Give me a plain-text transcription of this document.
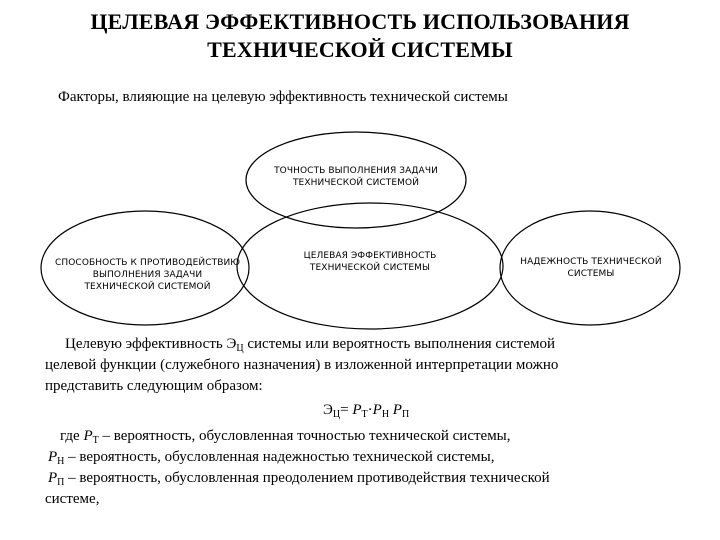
ЦЕЛЕВАЯ ЭФФЕКТИВНОСТЬ ИСПОЛЬЗОВАНИЯ
ТЕХНИЧЕСКОЙ СИСТЕМЫ
Факторы, влияющие на целевую эффективность технической системы
ТОЧНОСТЬ ВЫПОЛНЕНИЯ ЗАДАЧИ
ТЕХНИЧЕСКОЙ СИСТЕМОЙ
ЦЕЛЕВАЯ ЭФФЕКТИВНОСТЬ
ТЕХНИЧЕСКОЙ СИСТЕМЫ
СПОСОБНОСТЬ К ПРОТИВОДЕЙСТВИЮ
ВЫПОЛНЕНИЯ ЗАДАЧИ
ТЕХНИЧЕСКОЙ СИСТЕМОЙ
НАДЕЖНОСТЬ ТЕХНИЧЕСКОЙ
СИСТЕМЫ
Целевую эффективность $Э_Ц$ системы или вероятность выполнения системой
целевой функции (служебного назначения) в изложенной интерпретации можно
представить следующим образом:
$Э_Ц= P_Т\cdot P_Н$ $P_П$
где $P_Т$ – вероятность, обусловленная точностью технической системы,
$P_Н$ – вероятность, обусловленная надежностью технической системы,
$P_П$ – вероятность, обусловленная преодолением противодействия технической
системе,
